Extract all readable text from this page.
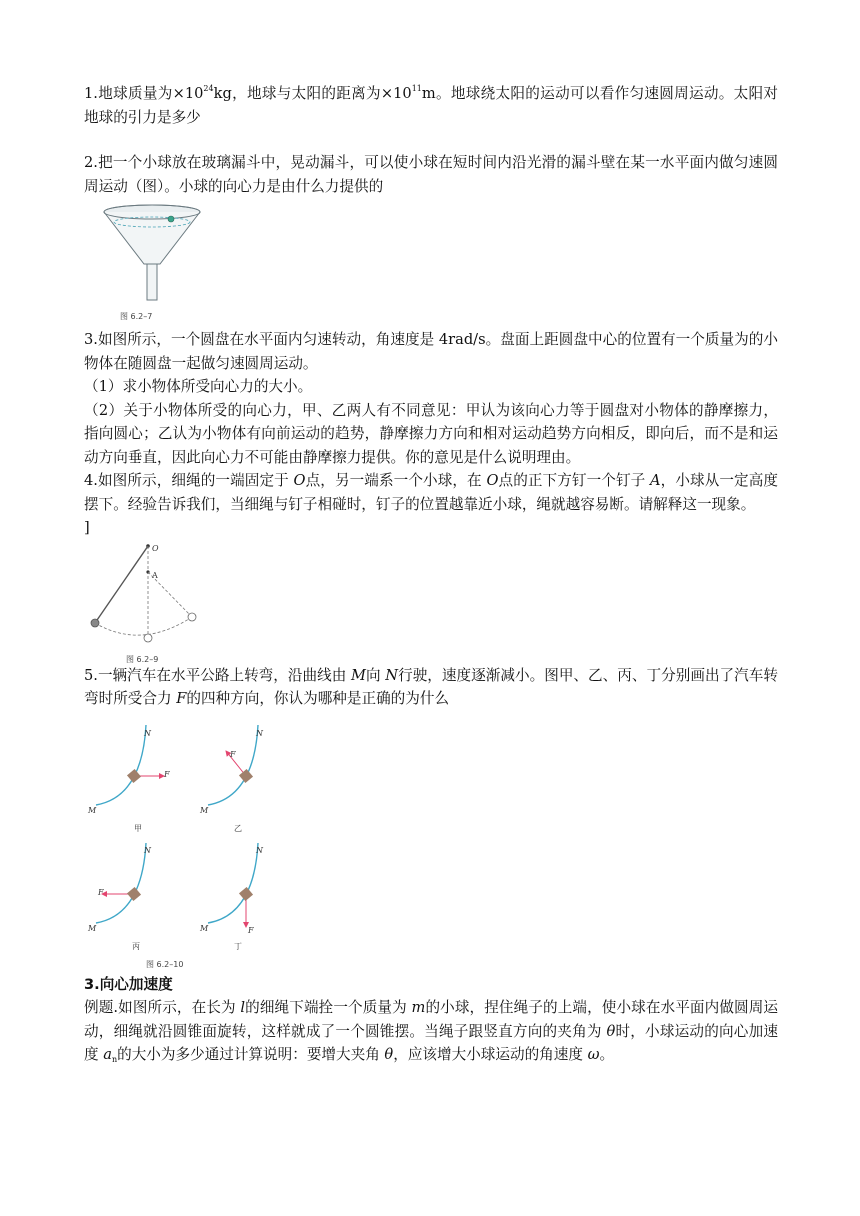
1.地球质量为$\times 10^{24}kg$，地球与太阳的距离为$\times 10^{11}m$。地球绕太阳的运动可以看作匀速圆周运动。太阳对地球的引力是多少

2.把一个小球放在玻璃漏斗中，晃动漏斗，可以使小球在短时间内沿光滑的漏斗壁在某一水平面内做匀速圆周运动（图）。小球的向心力是由什么力提供的

图 6.2–7

3.如图所示，一个圆盘在水平面内匀速转动，角速度是 4rad/s。盘面上距圆盘中心的位置有一个质量为的小物体在随圆盘一起做匀速圆周运动。

（1）求小物体所受向心力的大小。

（2）关于小物体所受的向心力，甲、乙两人有不同意见：甲认为该向心力等于圆盘对小物体的静摩擦力，指向圆心；乙认为小物体有向前运动的趋势，静摩擦力方向和相对运动趋势方向相反，即向后，而不是和运动方向垂直，因此向心力不可能由静摩擦力提供。你的意见是什么说明理由。

4.如图所示，细绳的一端固定于 O点，另一端系一个小球，在 O点的正下方钉一个钉子 A，小球从一定高度摆下。经验告诉我们，当细绳与钉子相碰时，钉子的位置越靠近小球，绳就越容易断。请解释这一现象。

]

O
A
图 6.2–9

5.一辆汽车在水平公路上转弯，沿曲线由 M向 N行驶，速度逐渐减小。图甲、乙、丙、丁分别画出了汽车转弯时所受合力 F的四种方向，你认为哪种是正确的为什么

N
F
M
甲
N
F
M
乙
N
F
M
丙
N
F
M
丁
图 6.2–10

3.向心加速度

例题.如图所示，在长为 l的细绳下端拴一个质量为 m的小球，捏住绳子的上端，使小球在水平面内做圆周运动，细绳就沿圆锥面旋转，这样就成了一个圆锥摆。当绳子跟竖直方向的夹角为 θ时，小球运动的向心加速度 $a_n$的大小为多少通过计算说明：要增大夹角 θ，应该增大小球运动的角速度 ω。
